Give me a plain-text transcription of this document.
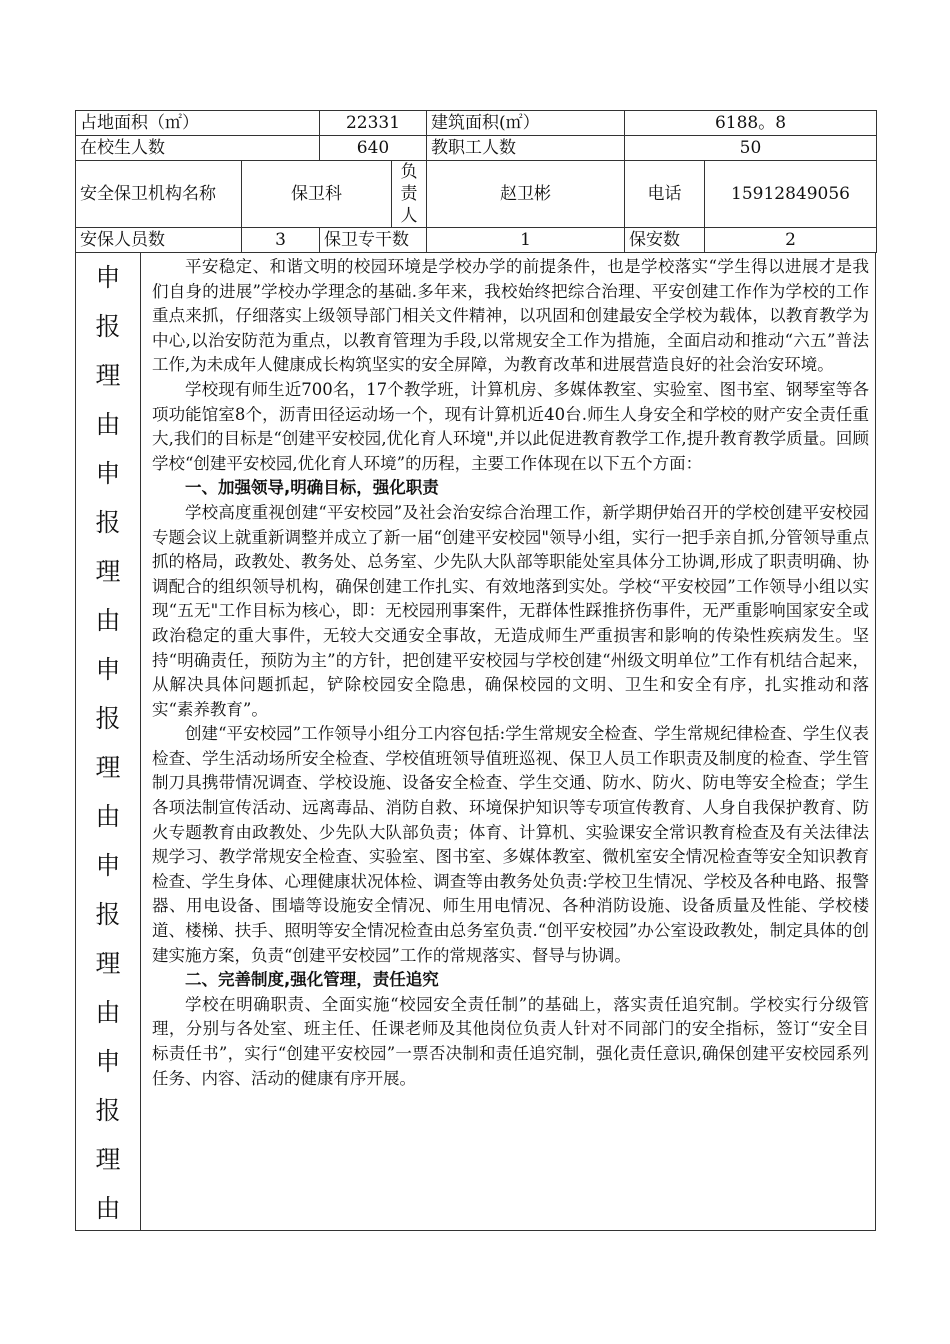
占地面积（㎡）		22331		建筑面积(㎡）	6188。8	
在校生人数		640		教职工人数	50	
安全保卫机构名称	保卫科		负责人	赵卫彬	电话	15912849056
安保人员数	3	保卫专干数		1	保安数	2
申
报
理
由
申
报
理
由
申
报
理
由
申
报
理
由
申
报
理
由

平安稳定、和谐文明的校园环境是学校办学的前提条件，也是学校落实“学生得以进展才是我们自身的进展”学校办学理念的基础.多年来，我校始终把综合治理、平安创建工作作为学校的工作重点来抓，仔细落实上级领导部门相关文件精神，以巩固和创建最安全学校为载体，以教育教学为中心,以治安防范为重点，以教育管理为手段,以常规安全工作为措施，全面启动和推动“六五”普法工作,为未成年人健康成长构筑坚实的安全屏障，为教育改革和进展营造良好的社会治安环境。

学校现有师生近700名，17个教学班，计算机房、多媒体教室、实验室、图书室、钢琴室等各项功能馆室8个，沥青田径运动场一个，现有计算机近40台.师生人身安全和学校的财产安全责任重大,我们的目标是“创建平安校园,优化育人环境",并以此促进教育教学工作,提升教育教学质量。回顾学校“创建平安校园,优化育人环境”的历程，主要工作体现在以下五个方面：

一、加强领导,明确目标，强化职责

学校高度重视创建“平安校园”及社会治安综合治理工作，新学期伊始召开的学校创建平安校园专题会议上就重新调整并成立了新一届“创建平安校园"领导小组，实行一把手亲自抓,分管领导重点抓的格局，政教处、教务处、总务室、少先队大队部等职能处室具体分工协调,形成了职责明确、协调配合的组织领导机构，确保创建工作扎实、有效地落到实处。学校“平安校园”工作领导小组以实现“五无"工作目标为核心，即：无校园刑事案件，无群体性踩推挤伤事件，无严重影响国家安全或政治稳定的重大事件，无较大交通安全事故，无造成师生严重损害和影响的传染性疾病发生。坚持“明确责任，预防为主”的方针，把创建平安校园与学校创建“州级文明单位”工作有机结合起来，从解决具体问题抓起，铲除校园安全隐患，确保校园的文明、卫生和安全有序，扎实推动和落实“素养教育”。

创建“平安校园”工作领导小组分工内容包括:学生常规安全检查、学生常规纪律检查、学生仪表检查、学生活动场所安全检查、学校值班领导值班巡视、保卫人员工作职责及制度的检查、学生管制刀具携带情况调查、学校设施、设备安全检查、学生交通、防水、防火、防电等安全检查；学生各项法制宣传活动、远离毒品、消防自救、环境保护知识等专项宣传教育、人身自我保护教育、防火专题教育由政教处、少先队大队部负责；体育、计算机、实验课安全常识教育检查及有关法律法规学习、教学常规安全检查、实验室、图书室、多媒体教室、微机室安全情况检查等安全知识教育检查、学生身体、心理健康状况体检、调查等由教务处负责:学校卫生情况、学校及各种电路、报警器、用电设备、围墙等设施安全情况、师生用电情况、各种消防设施、设备质量及性能、学校楼道、楼梯、扶手、照明等安全情况检查由总务室负责.“创平安校园”办公室设政教处，制定具体的创建实施方案，负责“创建平安校园”工作的常规落实、督导与协调。

二、完善制度,强化管理，责任追究

学校在明确职责、全面实施“校园安全责任制”的基础上，落实责任追究制。学校实行分级管理，分别与各处室、班主任、任课老师及其他岗位负责人针对不同部门的安全指标，签订“安全目标责任书”，实行“创建平安校园”一票否决制和责任追究制，强化责任意识,确保创建平安校园系列任务、内容、活动的健康有序开展。
